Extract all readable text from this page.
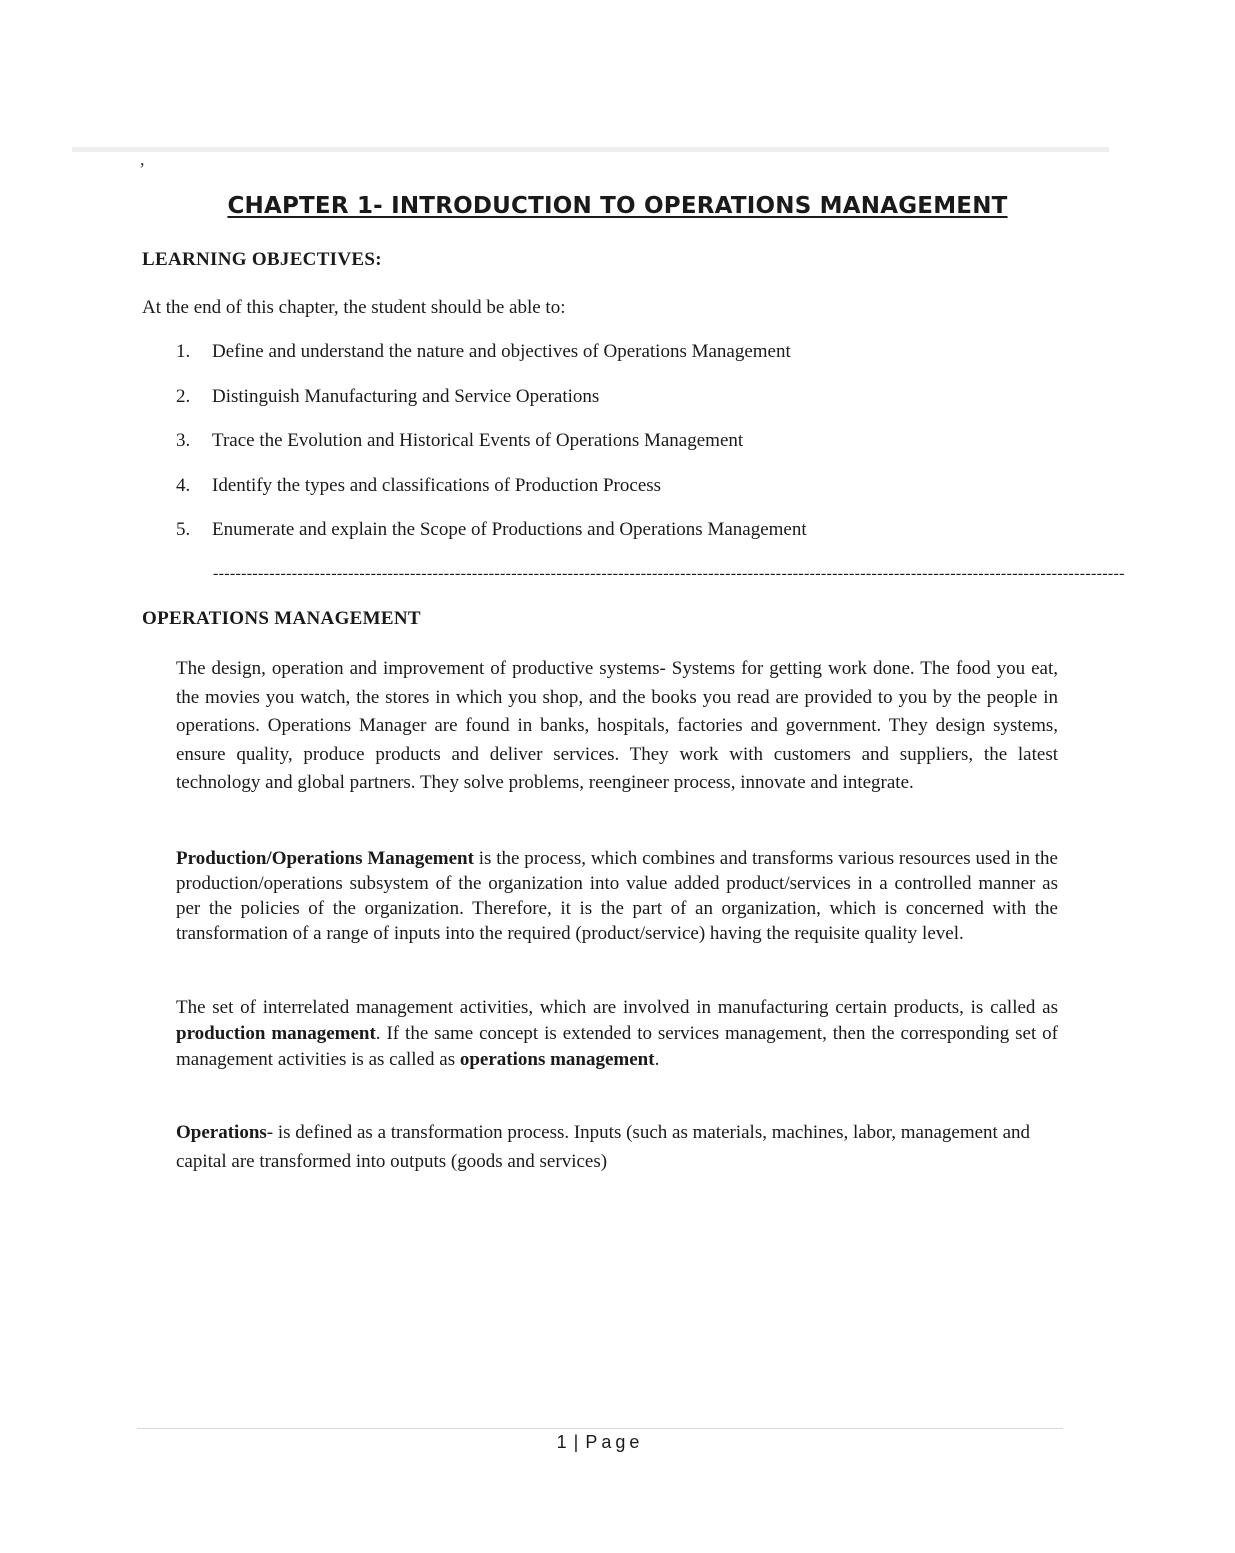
,
CHAPTER 1- INTRODUCTION TO OPERATIONS MANAGEMENT
LEARNING OBJECTIVES:
At the end of this chapter, the student should be able to:
1. Define and understand the nature and objectives of Operations Management
2. Distinguish Manufacturing and Service Operations
3. Trace the Evolution and Historical Events of Operations Management
4. Identify the types and classifications of Production Process
5. Enumerate and explain the Scope of Productions and Operations Management
------------------------------------------------------------------------------------------------------------------------------------------------------------------
OPERATIONS MANAGEMENT

The design, operation and improvement of productive systems- Systems for getting work done. The food you eat, the movies you watch, the stores in which you shop, and the books you read are provided to you by the people in operations. Operations Manager are found in banks, hospitals, factories and government. They design systems, ensure quality, produce products and deliver services. They work with customers and suppliers, the latest technology and global partners. They solve problems, reengineer process, innovate and integrate.

Production/Operations Management is the process, which combines and transforms various resources used in the production/operations subsystem of the organization into value added product/services in a controlled manner as per the policies of the organization. Therefore, it is the part of an organization, which is concerned with the transformation of a range of inputs into the required (product/service) having the requisite quality level.

The set of interrelated management activities, which are involved in manufacturing certain products, is called as production management. If the same concept is extended to services management, then the corresponding set of management activities is as called as operations management.

Operations- is defined as a transformation process. Inputs (such as materials, machines, labor, management and capital are transformed into outputs (goods and services)

1 | Page
